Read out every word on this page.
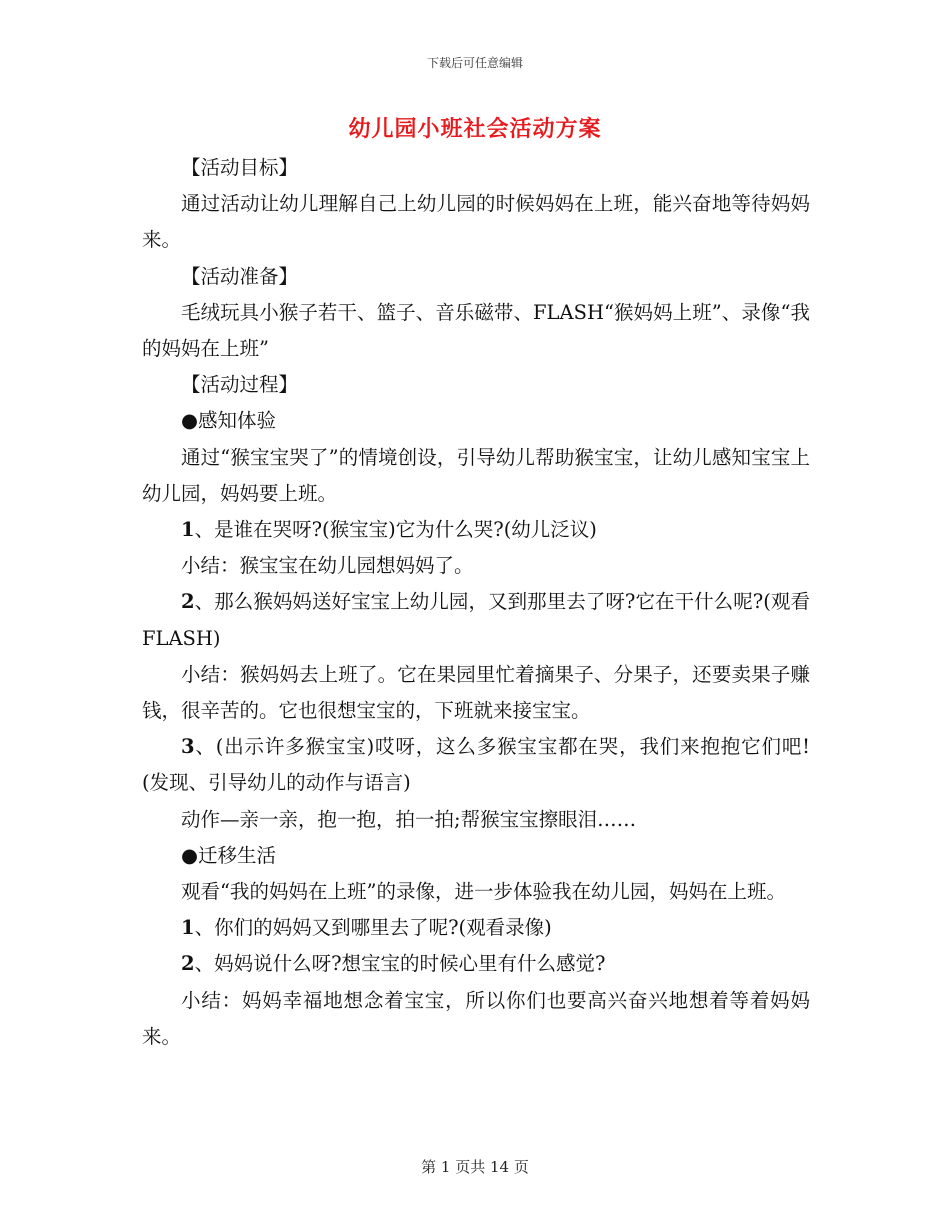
下载后可任意编辑
幼儿园小班社会活动方案

【活动目标】

通过活动让幼儿理解自己上幼儿园的时候妈妈在上班，能兴奋地等待妈妈来。

【活动准备】

毛绒玩具小猴子若干、篮子、音乐磁带、FLASH“猴妈妈上班”、录像“我的妈妈在上班”

【活动过程】

●感知体验

通过“猴宝宝哭了”的情境创设，引导幼儿帮助猴宝宝，让幼儿感知宝宝上幼儿园，妈妈要上班。

1、是谁在哭呀?(猴宝宝)它为什么哭?(幼儿泛议)

小结：猴宝宝在幼儿园想妈妈了。

2、那么猴妈妈送好宝宝上幼儿园，又到那里去了呀?它在干什么呢?(观看FLASH)

小结：猴妈妈去上班了。它在果园里忙着摘果子、分果子，还要卖果子赚钱，很辛苦的。它也很想宝宝的，下班就来接宝宝。

3、(出示许多猴宝宝)哎呀，这么多猴宝宝都在哭，我们来抱抱它们吧!(发现、引导幼儿的动作与语言)

动作—亲一亲，抱一抱，拍一拍;帮猴宝宝擦眼泪……

●迁移生活

观看“我的妈妈在上班”的录像，进一步体验我在幼儿园，妈妈在上班。

1、你们的妈妈又到哪里去了呢?(观看录像)

2、妈妈说什么呀?想宝宝的时候心里有什么感觉?

小结：妈妈幸福地想念着宝宝，所以你们也要高兴奋兴地想着等着妈妈来。

第 1 页共 14 页
